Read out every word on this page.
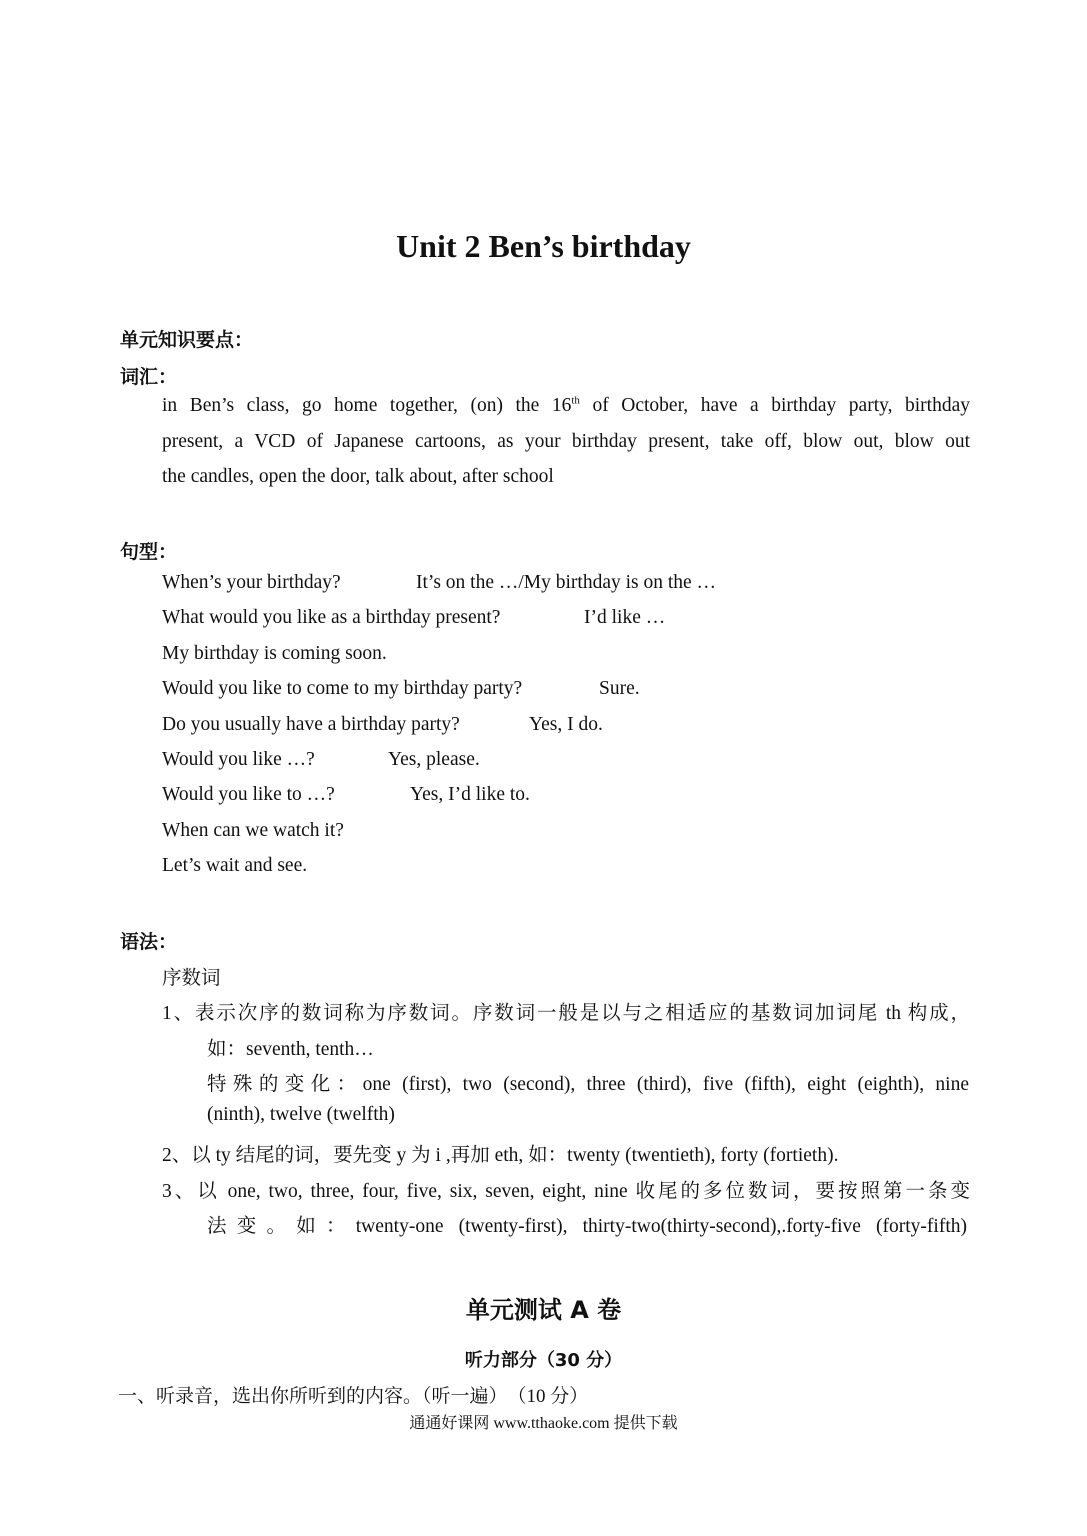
Unit 2 Ben’s birthday
单元知识要点：
词汇：
in Ben’s class, go home together, (on) the 16th of October, have a birthday party, birthday
present, a VCD of Japanese cartoons, as your birthday present, take off, blow out, blow out
the candles, open the door, talk about, after school
句型：
When’s your birthday?	It’s on the …/My birthday is on the …
What would you like as a birthday present?	I’d like …
My birthday is coming soon.
Would you like to come to my birthday party?	Sure.
Do you usually have a birthday party?	Yes, I do.
Would you like …?	Yes, please.
Would you like to …?	Yes, I’d like to.
When can we watch it?
Let’s wait and see.
语法：
序数词
1、表示次序的数词称为序数词。序数词一般是以与之相适应的基数词加词尾 th 构成，
如：seventh, tenth…
特殊的变化：one (first), two (second), three (third), five (fifth), eight (eighth), nine
(ninth), twelve (twelfth)
2、以 ty 结尾的词，要先变 y 为 i ,再加 eth, 如：twenty (twentieth), forty (fortieth).
3、以 one, two, three, four, five, six, seven, eight, nine 收尾的多位数词，要按照第一条变
法变。如：twenty-one (twenty-first), thirty-two(thirty-second),.forty-five (forty-fifth)
单元测试 A 卷
听力部分（30 分）
一、听录音，选出你所听到的内容。（听一遍）　（10 分）
通通好课网 www.tthaoke.com 提供下载
